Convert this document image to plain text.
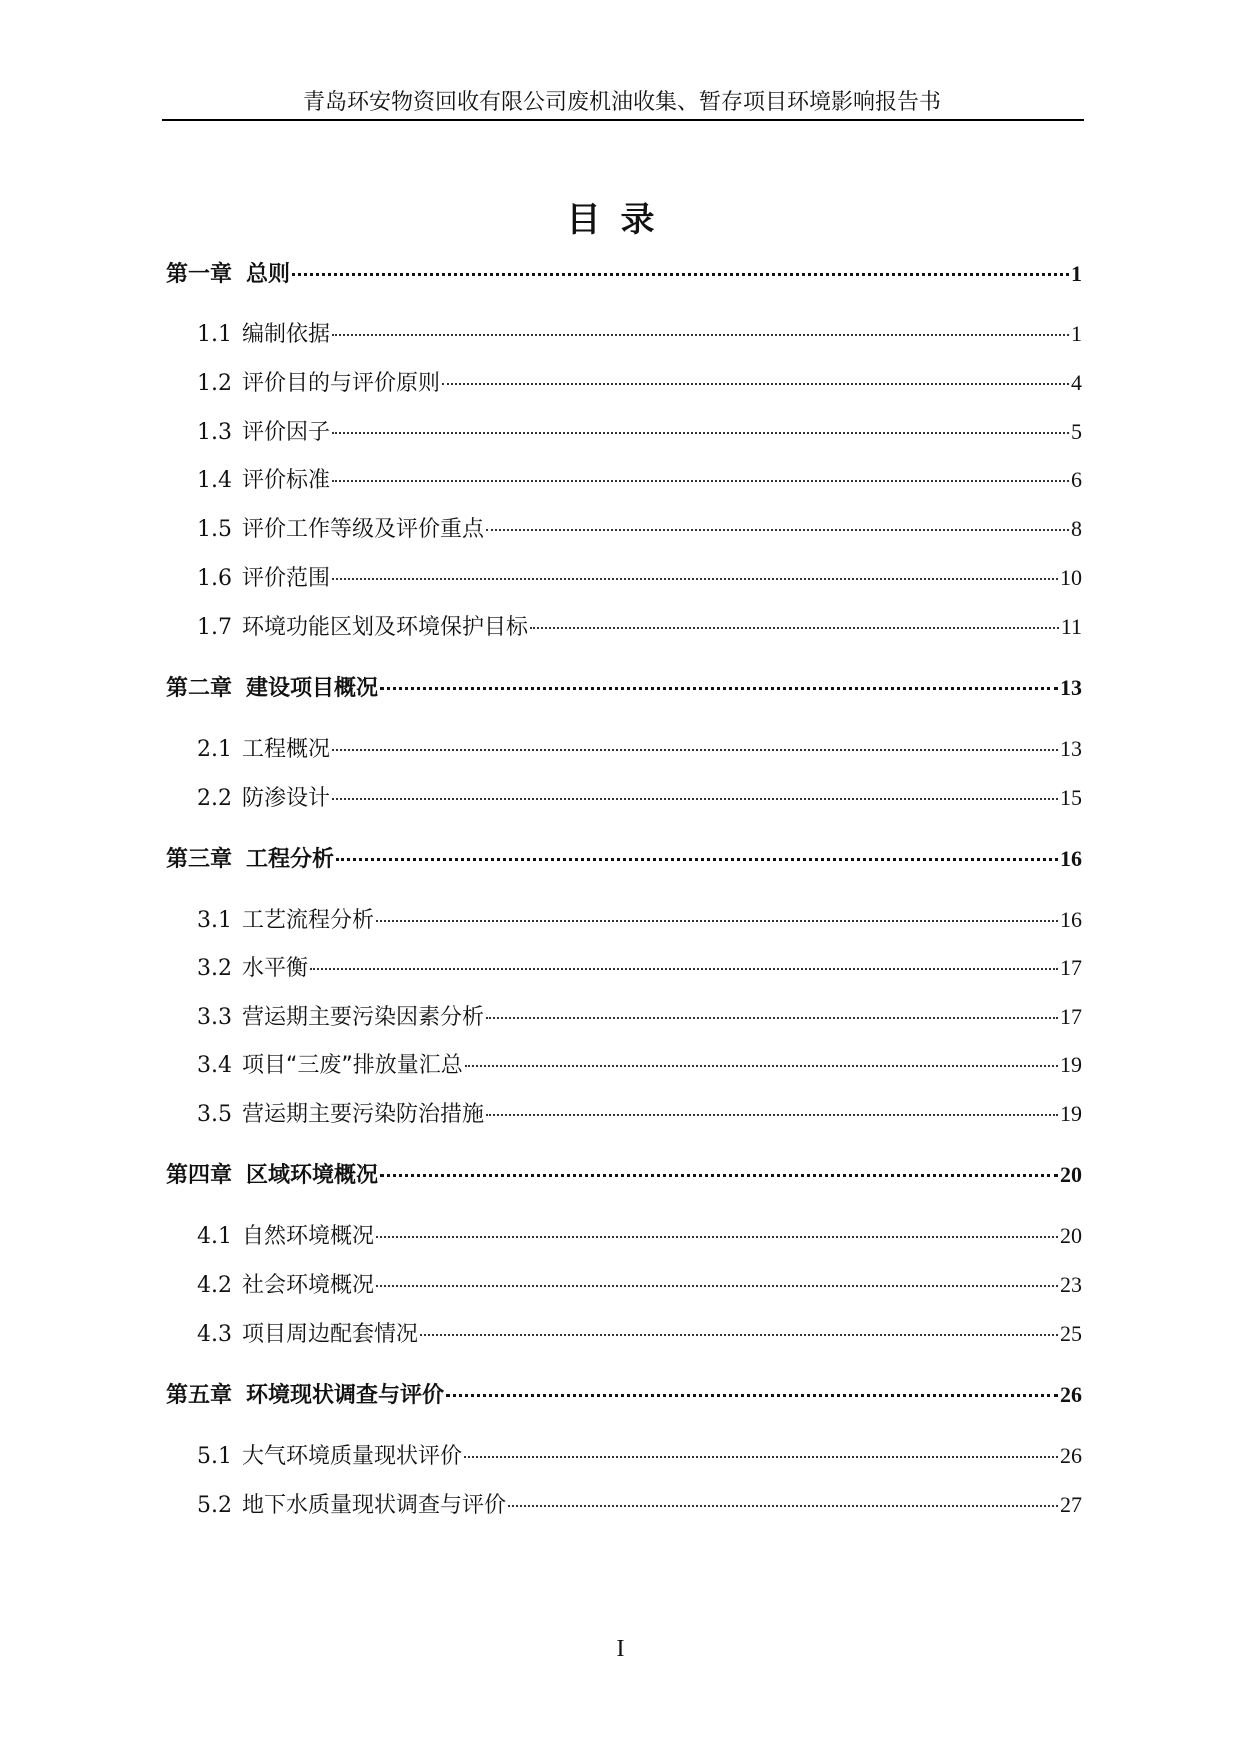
青岛环安物资回收有限公司废机油收集、暂存项目环境影响报告书
目录
第一章 总则	1
1.1 编制依据	1
1.2 评价目的与评价原则	4
1.3 评价因子	5
1.4 评价标准	6
1.5 评价工作等级及评价重点	8
1.6 评价范围	10
1.7 环境功能区划及环境保护目标	11
第二章 建设项目概况	13
2.1 工程概况	13
2.2 防渗设计	15
第三章 工程分析	16
3.1 工艺流程分析	16
3.2 水平衡	17
3.3 营运期主要污染因素分析	17
3.4 项目“三废”排放量汇总	19
3.5 营运期主要污染防治措施	19
第四章 区域环境概况	20
4.1 自然环境概况	20
4.2 社会环境概况	23
4.3 项目周边配套情况	25
第五章 环境现状调查与评价	26
5.1 大气环境质量现状评价	26
5.2 地下水质量现状调查与评价	27
I
